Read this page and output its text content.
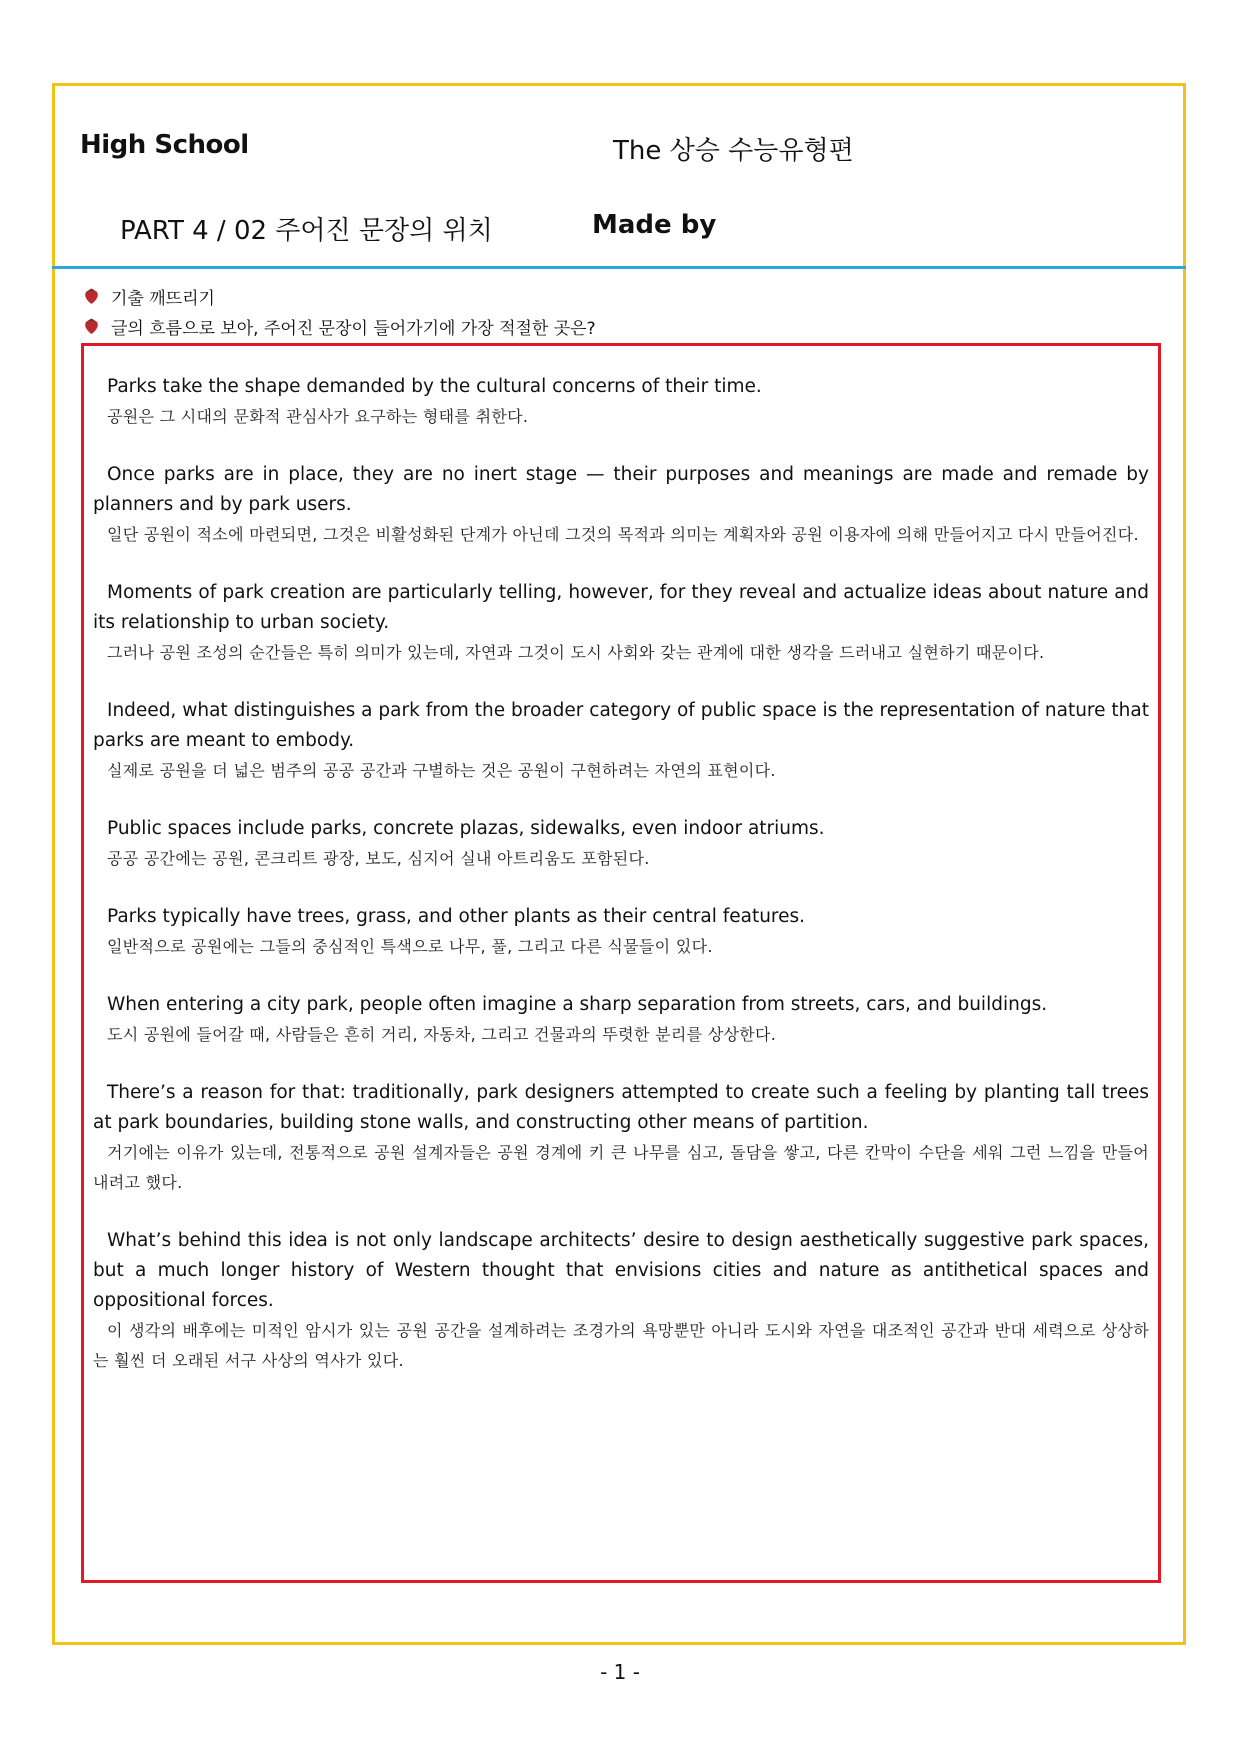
High School	The 상승 수능유형편
PART 4 / 02 주어진 문장의 위치	Made by
기출 깨뜨리기
글의 흐름으로 보아, 주어진 문장이 들어가기에 가장 적절한 곳은?

Parks take the shape demanded by the cultural concerns of their time.

공원은 그 시대의 문화적 관심사가 요구하는 형태를 취한다.

Once parks are in place, they are no inert stage — their purposes and meanings are made and remade by planners and by park users.

일단 공원이 적소에 마련되면, 그것은 비활성화된 단계가 아닌데 그것의 목적과 의미는 계획자와 공원 이용자에 의해 만들어지고 다시 만들어진다.

Moments of park creation are particularly telling, however, for they reveal and actualize ideas about nature and its relationship to urban society.

그러나 공원 조성의 순간들은 특히 의미가 있는데, 자연과 그것이 도시 사회와 갖는 관계에 대한 생각을 드러내고 실현하기 때문이다.

Indeed, what distinguishes a park from the broader category of public space is the representation of nature that parks are meant to embody.

실제로 공원을 더 넓은 범주의 공공 공간과 구별하는 것은 공원이 구현하려는 자연의 표현이다.

Public spaces include parks, concrete plazas, sidewalks, even indoor atriums.

공공 공간에는 공원, 콘크리트 광장, 보도, 심지어 실내 아트리움도 포함된다.

Parks typically have trees, grass, and other plants as their central features.

일반적으로 공원에는 그들의 중심적인 특색으로 나무, 풀, 그리고 다른 식물들이 있다.

When entering a city park, people often imagine a sharp separation from streets, cars, and buildings.

도시 공원에 들어갈 때, 사람들은 흔히 거리, 자동차, 그리고 건물과의 뚜렷한 분리를 상상한다.

There’s a reason for that: traditionally, park designers attempted to create such a feeling by planting tall trees at park boundaries, building stone walls, and constructing other means of partition.

거기에는 이유가 있는데, 전통적으로 공원 설계자들은 공원 경계에 키 큰 나무를 심고, 돌담을 쌓고, 다른 칸막이 수단을 세워 그런 느낌을 만들어 내려고 했다.

What’s behind this idea is not only landscape architects’ desire to design aesthetically suggestive park spaces, but a much longer history of Western thought that envisions cities and nature as antithetical spaces and oppositional forces.

이 생각의 배후에는 미적인 암시가 있는 공원 공간을 설계하려는 조경가의 욕망뿐만 아니라 도시와 자연을 대조적인 공간과 반대 세력으로 상상하는 훨씬 더 오래된 서구 사상의 역사가 있다.

- 1 -
